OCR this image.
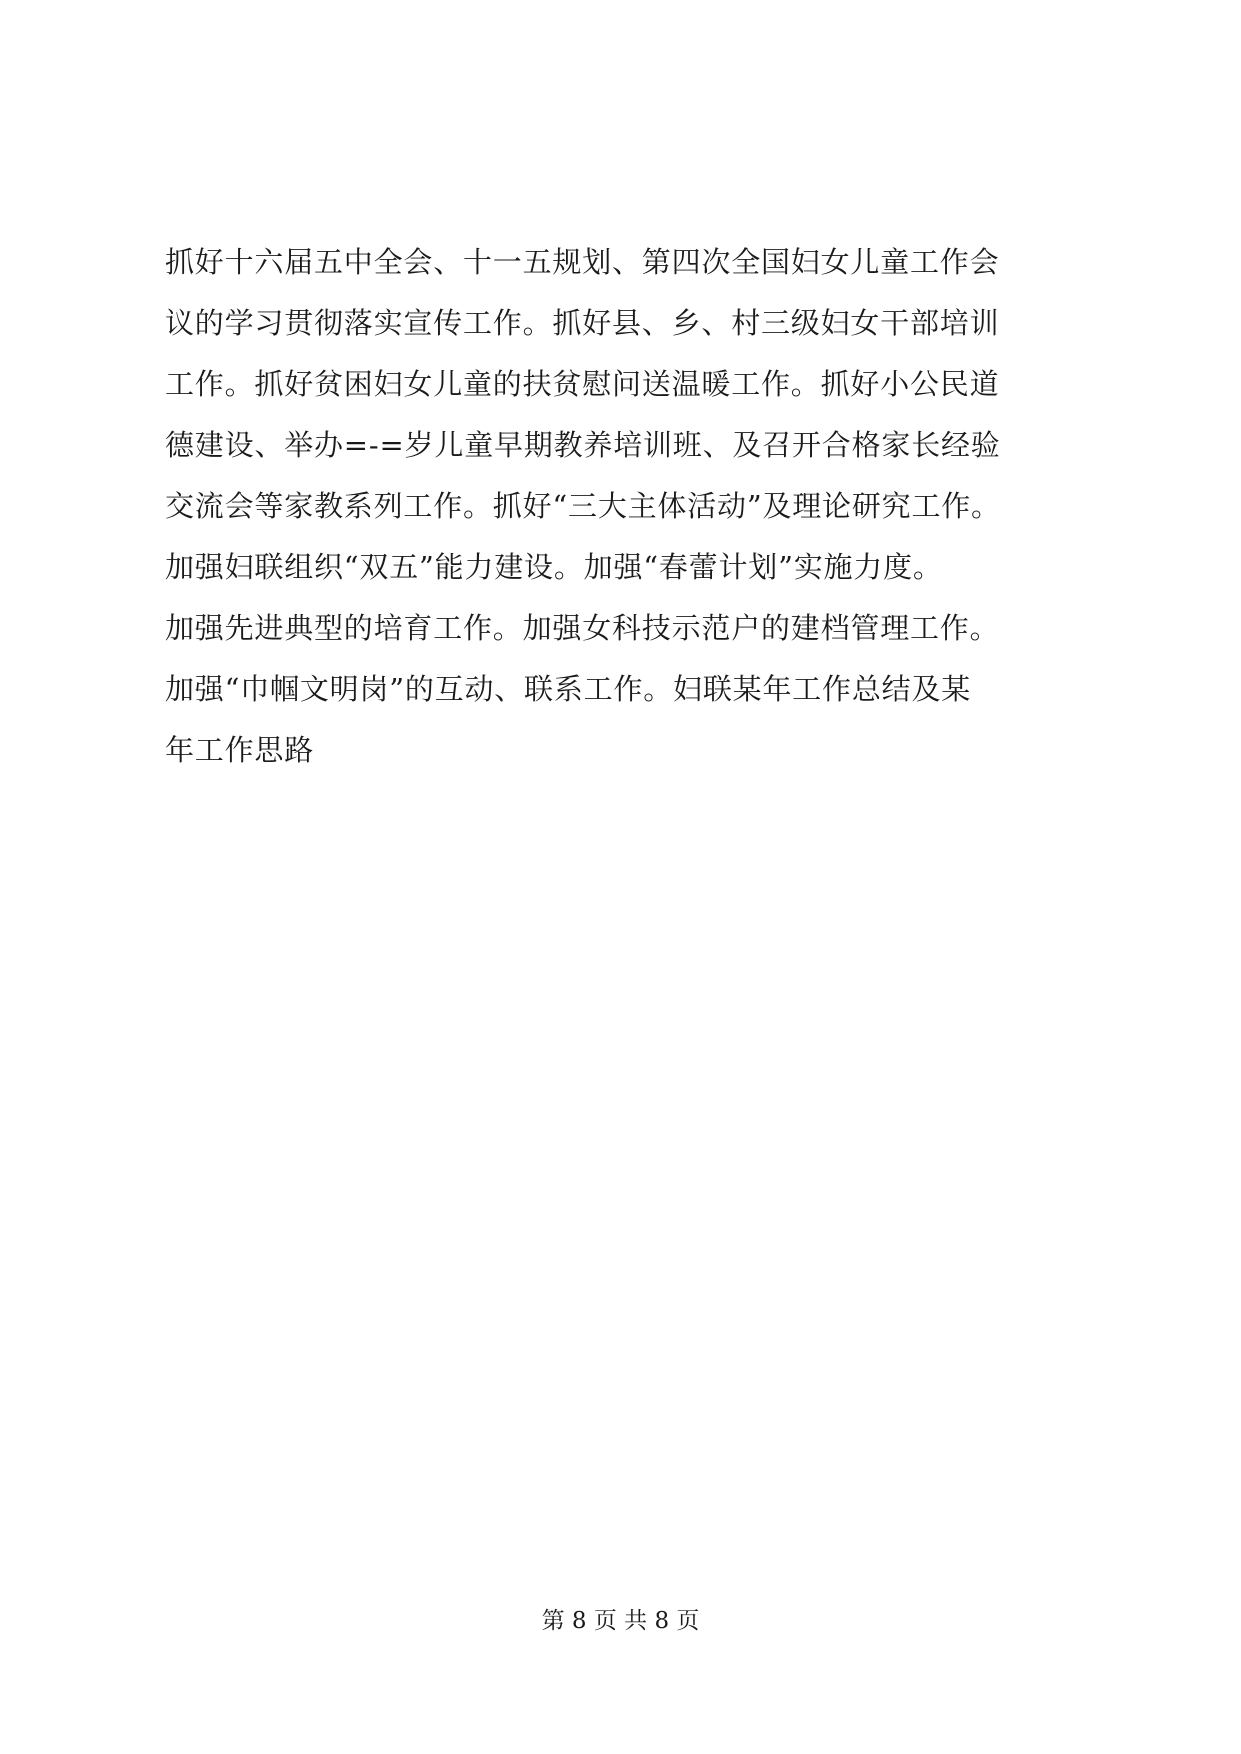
抓好十六届五中全会、十一五规划、第四次全国妇女儿童工作会
议的学习贯彻落实宣传工作。抓好县、乡、村三级妇女干部培训
工作。抓好贫困妇女儿童的扶贫慰问送温暖工作。抓好小公民道
德建设、举办=-=岁儿童早期教养培训班、及召开合格家长经验
交流会等家教系列工作。抓好“三大主体活动”及理论研究工作。
加强妇联组织“双五”能力建设。加强“春蕾计划”实施力度。
加强先进典型的培育工作。加强女科技示范户的建档管理工作。
加强“巾帼文明岗”的互动、联系工作。妇联某年工作总结及某
年工作思路
第 8 页 共 8 页
